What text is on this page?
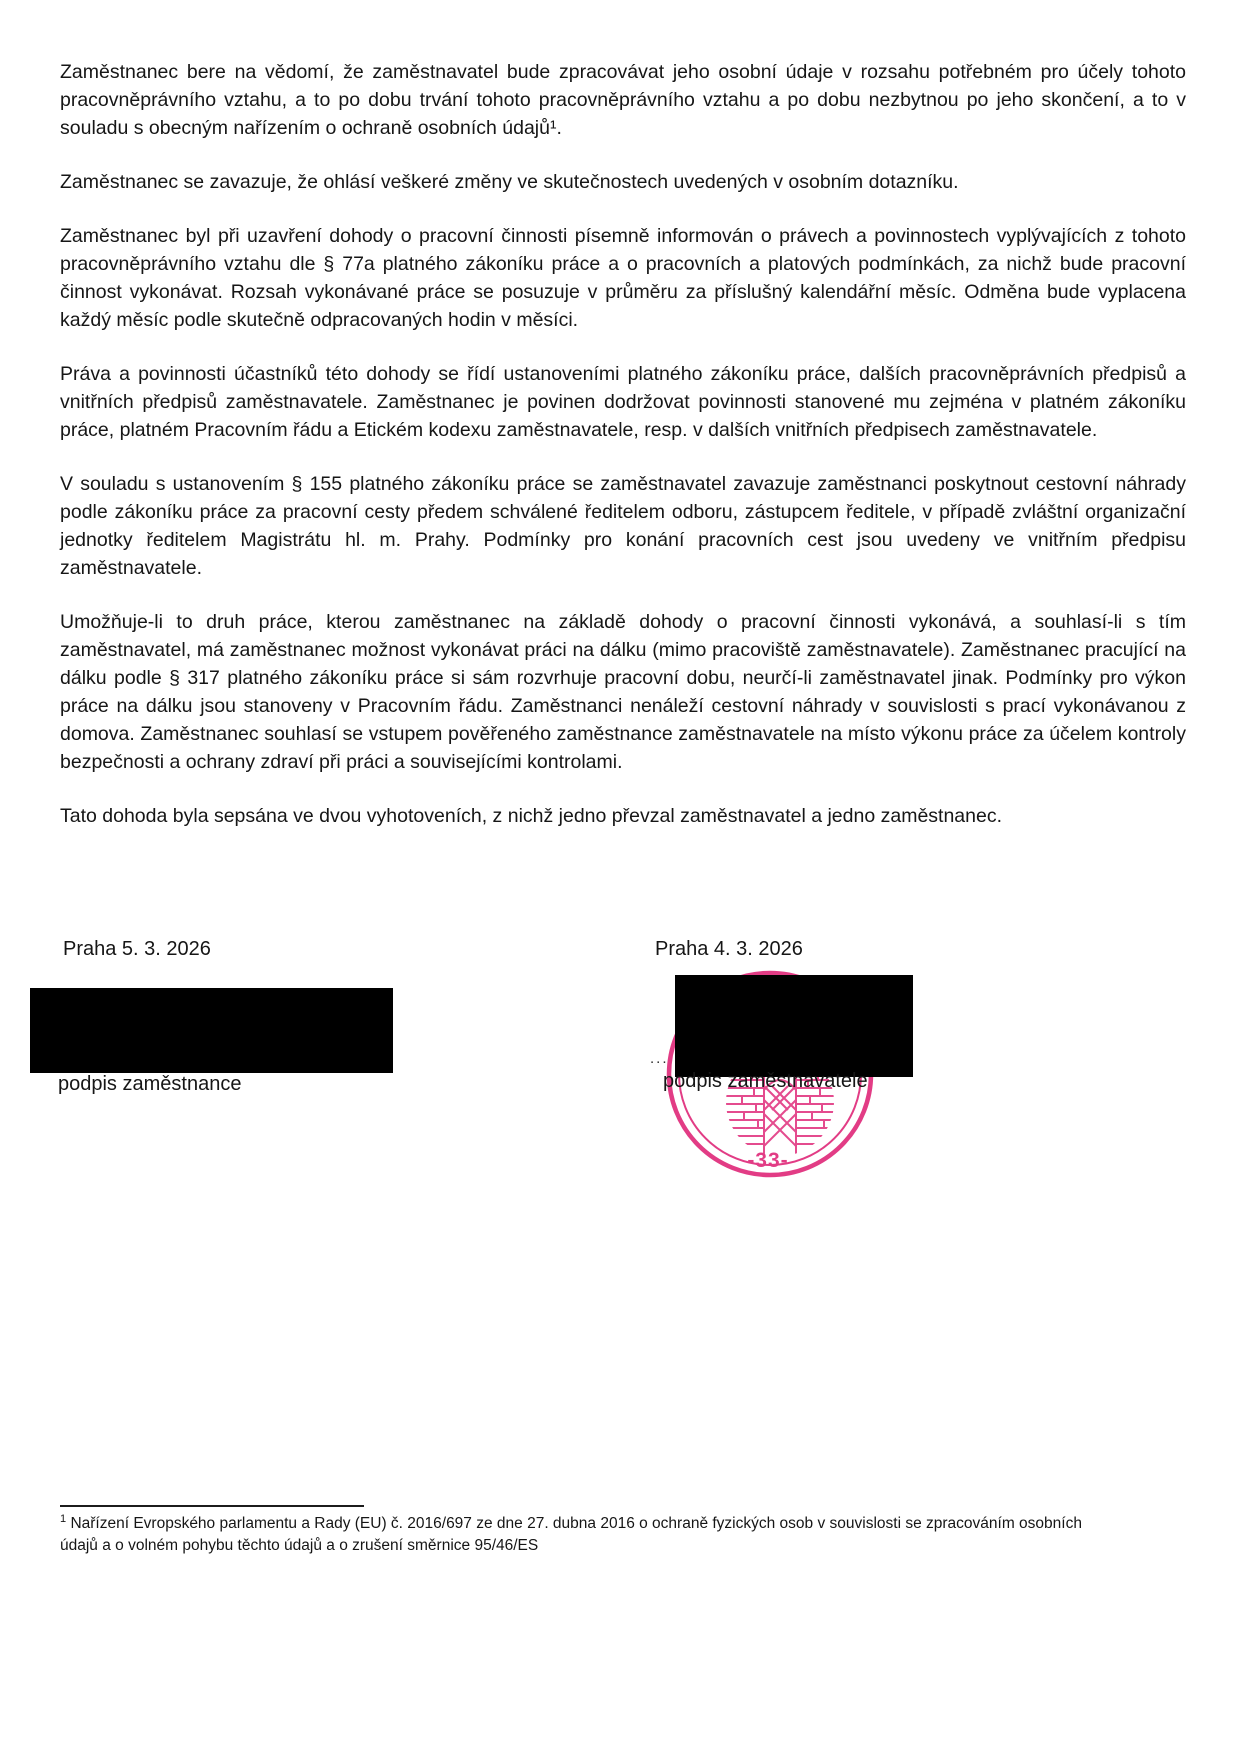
Zaměstnanec bere na vědomí, že zaměstnavatel bude zpracovávat jeho osobní údaje v rozsahu potřebném pro účely tohoto pracovněprávního vztahu, a to po dobu trvání tohoto pracovněprávního vztahu a po dobu nezbytnou po jeho skončení, a to v souladu s obecným nařízením o ochraně osobních údajů¹.

Zaměstnanec se zavazuje, že ohlásí veškeré změny ve skutečnostech uvedených v osobním dotazníku.

Zaměstnanec byl při uzavření dohody o pracovní činnosti písemně informován o právech a povinnostech vyplývajících z tohoto pracovněprávního vztahu dle § 77a platného zákoníku práce a o pracovních a platových podmínkách, za nichž bude pracovní činnost vykonávat. Rozsah vykonávané práce se posuzuje v průměru za příslušný kalendářní měsíc. Odměna bude vyplacena každý měsíc podle skutečně odpracovaných hodin v měsíci.

Práva a povinnosti účastníků této dohody se řídí ustanoveními platného zákoníku práce, dalších pracovněprávních předpisů a vnitřních předpisů zaměstnavatele. Zaměstnanec je povinen dodržovat povinnosti stanovené mu zejména v platném zákoníku práce, platném Pracovním řádu a Etickém kodexu zaměstnavatele, resp. v dalších vnitřních předpisech zaměstnavatele.

V souladu s ustanovením § 155 platného zákoníku práce se zaměstnavatel zavazuje zaměstnanci poskytnout cestovní náhrady podle zákoníku práce za pracovní cesty předem schválené ředitelem odboru, zástupcem ředitele, v případě zvláštní organizační jednotky ředitelem Magistrátu hl. m. Prahy. Podmínky pro konání pracovních cest jsou uvedeny ve vnitřním předpisu zaměstnavatele.

Umožňuje-li to druh práce, kterou zaměstnanec na základě dohody o pracovní činnosti vykonává, a souhlasí-li s tím zaměstnavatel, má zaměstnanec možnost vykonávat práci na dálku (mimo pracoviště zaměstnavatele). Zaměstnanec pracující na dálku podle § 317 platného zákoníku práce si sám rozvrhuje pracovní dobu, neurčí-li zaměstnavatel jinak. Podmínky pro výkon práce na dálku jsou stanoveny v Pracovním řádu. Zaměstnanci nenáleží cestovní náhrady v souvislosti s prací vykonávanou z domova. Zaměstnanec souhlasí se vstupem pověřeného zaměstnance zaměstnavatele na místo výkonu práce za účelem kontroly bezpečnosti a ochrany zdraví při práci a souvisejícími kontrolami.

Tato dohoda byla sepsána ve dvou vyhotoveních, z nichž jedno převzal zaměstnavatel a jedno zaměstnanec.

Praha 5. 3. 2026	Praha 4. 3. 2026
-33-
...
podpis zaměstnance	podpis zaměstnavatele
$^1$ Nařízení Evropského parlamentu a Rady (EU) č. 2016/697 ze dne 27. dubna 2016 o ochraně fyzických osob v souvislosti se zpracováním osobních údajů a o volném pohybu těchto údajů a o zrušení směrnice 95/46/ES
